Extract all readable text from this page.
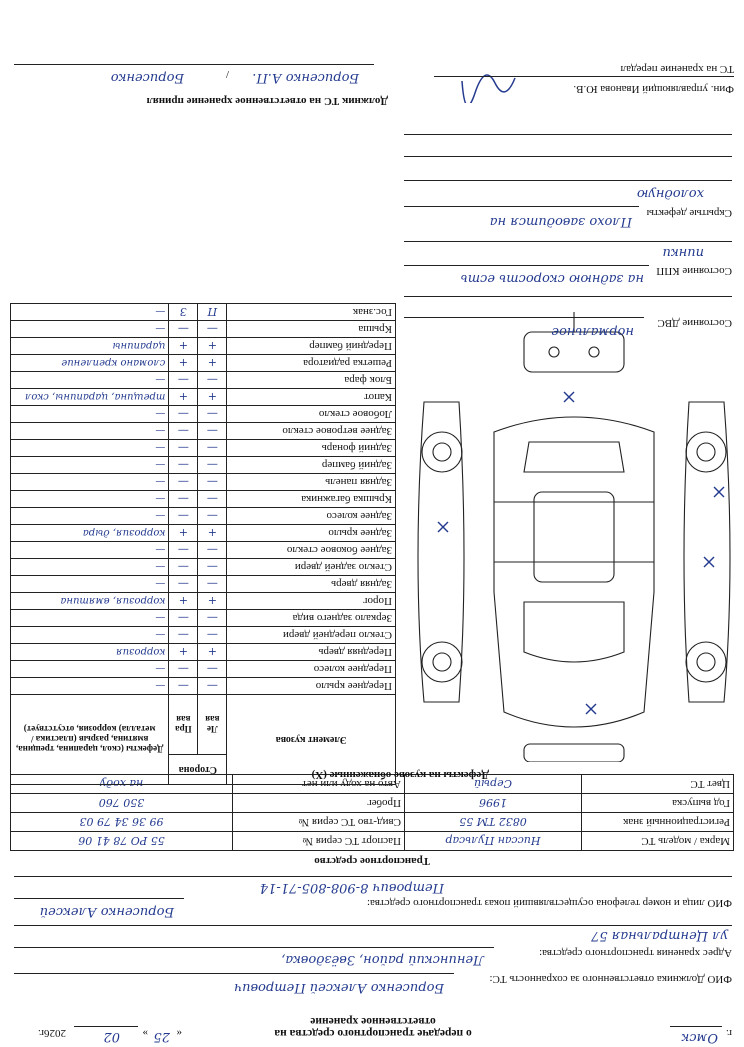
г.
Омск
о передаче транспортного средства на ответственное хранение
«
25
»
02
2026г.
ФИО Должника ответственного за сохранность ТС:
Борисенко Алексей Петрович
Адрес хранения транспортного средства:
Ленинский район, Звёздовка,
ул Центральная 57
ФИО лица и номер телефона осуществлявший показ транспортного средства:
Борисенко Алексей
Петрович 8-908-805-71-14
Транспортное средство
Марка / модель ТС	Ниссан Пульсар	Паспорт ТС серия №	55 РО 78 41 06
Регистрационный знак	0832 ТМ 55	Свид-тво ТС серия №	99 36 34 79 03
Год выпуска	1996	Пробег	350 760
Цвет ТС	Серый	Авто на ходу или нет	на ходу
Дефекты на кузове обнаженные (Х)
Элемент кузова	Сторона		Дефекты (скол, царапина, трещина, вмятина, разрыв (пластика / металла) коррозия, отсутствует)
	Ле вая	Пра вая	
Переднее крыло	—	—	—
Переднее колесо	—	—	—
Передняя дверь	+	+	коррозия
Стекло передней двери	—	—	—
Зеркало заднего вида	—	—	—
Порог	+	+	коррозия, вмятина
Задняя дверь	—	—	—
Стекло задней двери	—	—	—
Заднее боковое стекло	—	—	—
Заднее крыло	+	+	коррозия, дыра
Заднее колесо	—	—	—
Крышка багажника	—	—	—
Задняя панель	—	—	—
Задний бампер	—	—	—
Задний фонарь	—	—	—
Заднее ветровое стекло	—	—	—
Лобовое стекло	—	—	—
Капот	+	+	трещина, царапины, скол
Блок фара	—	—	—
Решетка радиатора	+	+	сломано крепление
Передний бампер	+	+	царапины
Крыша	—	—	—
Гос.знак	П	З	—
Состояние ДВС
нормальное
Состояние КПП
на заднюю скорость есть
пинки
Скрытые дефекты
Плохо заводится на
холодную
Фин. управляющий Иванова Ю.В.
ТС на хранение передал
Должник ТС на ответственное хранение принял
Борисенко А.П.
/
Борисенко
